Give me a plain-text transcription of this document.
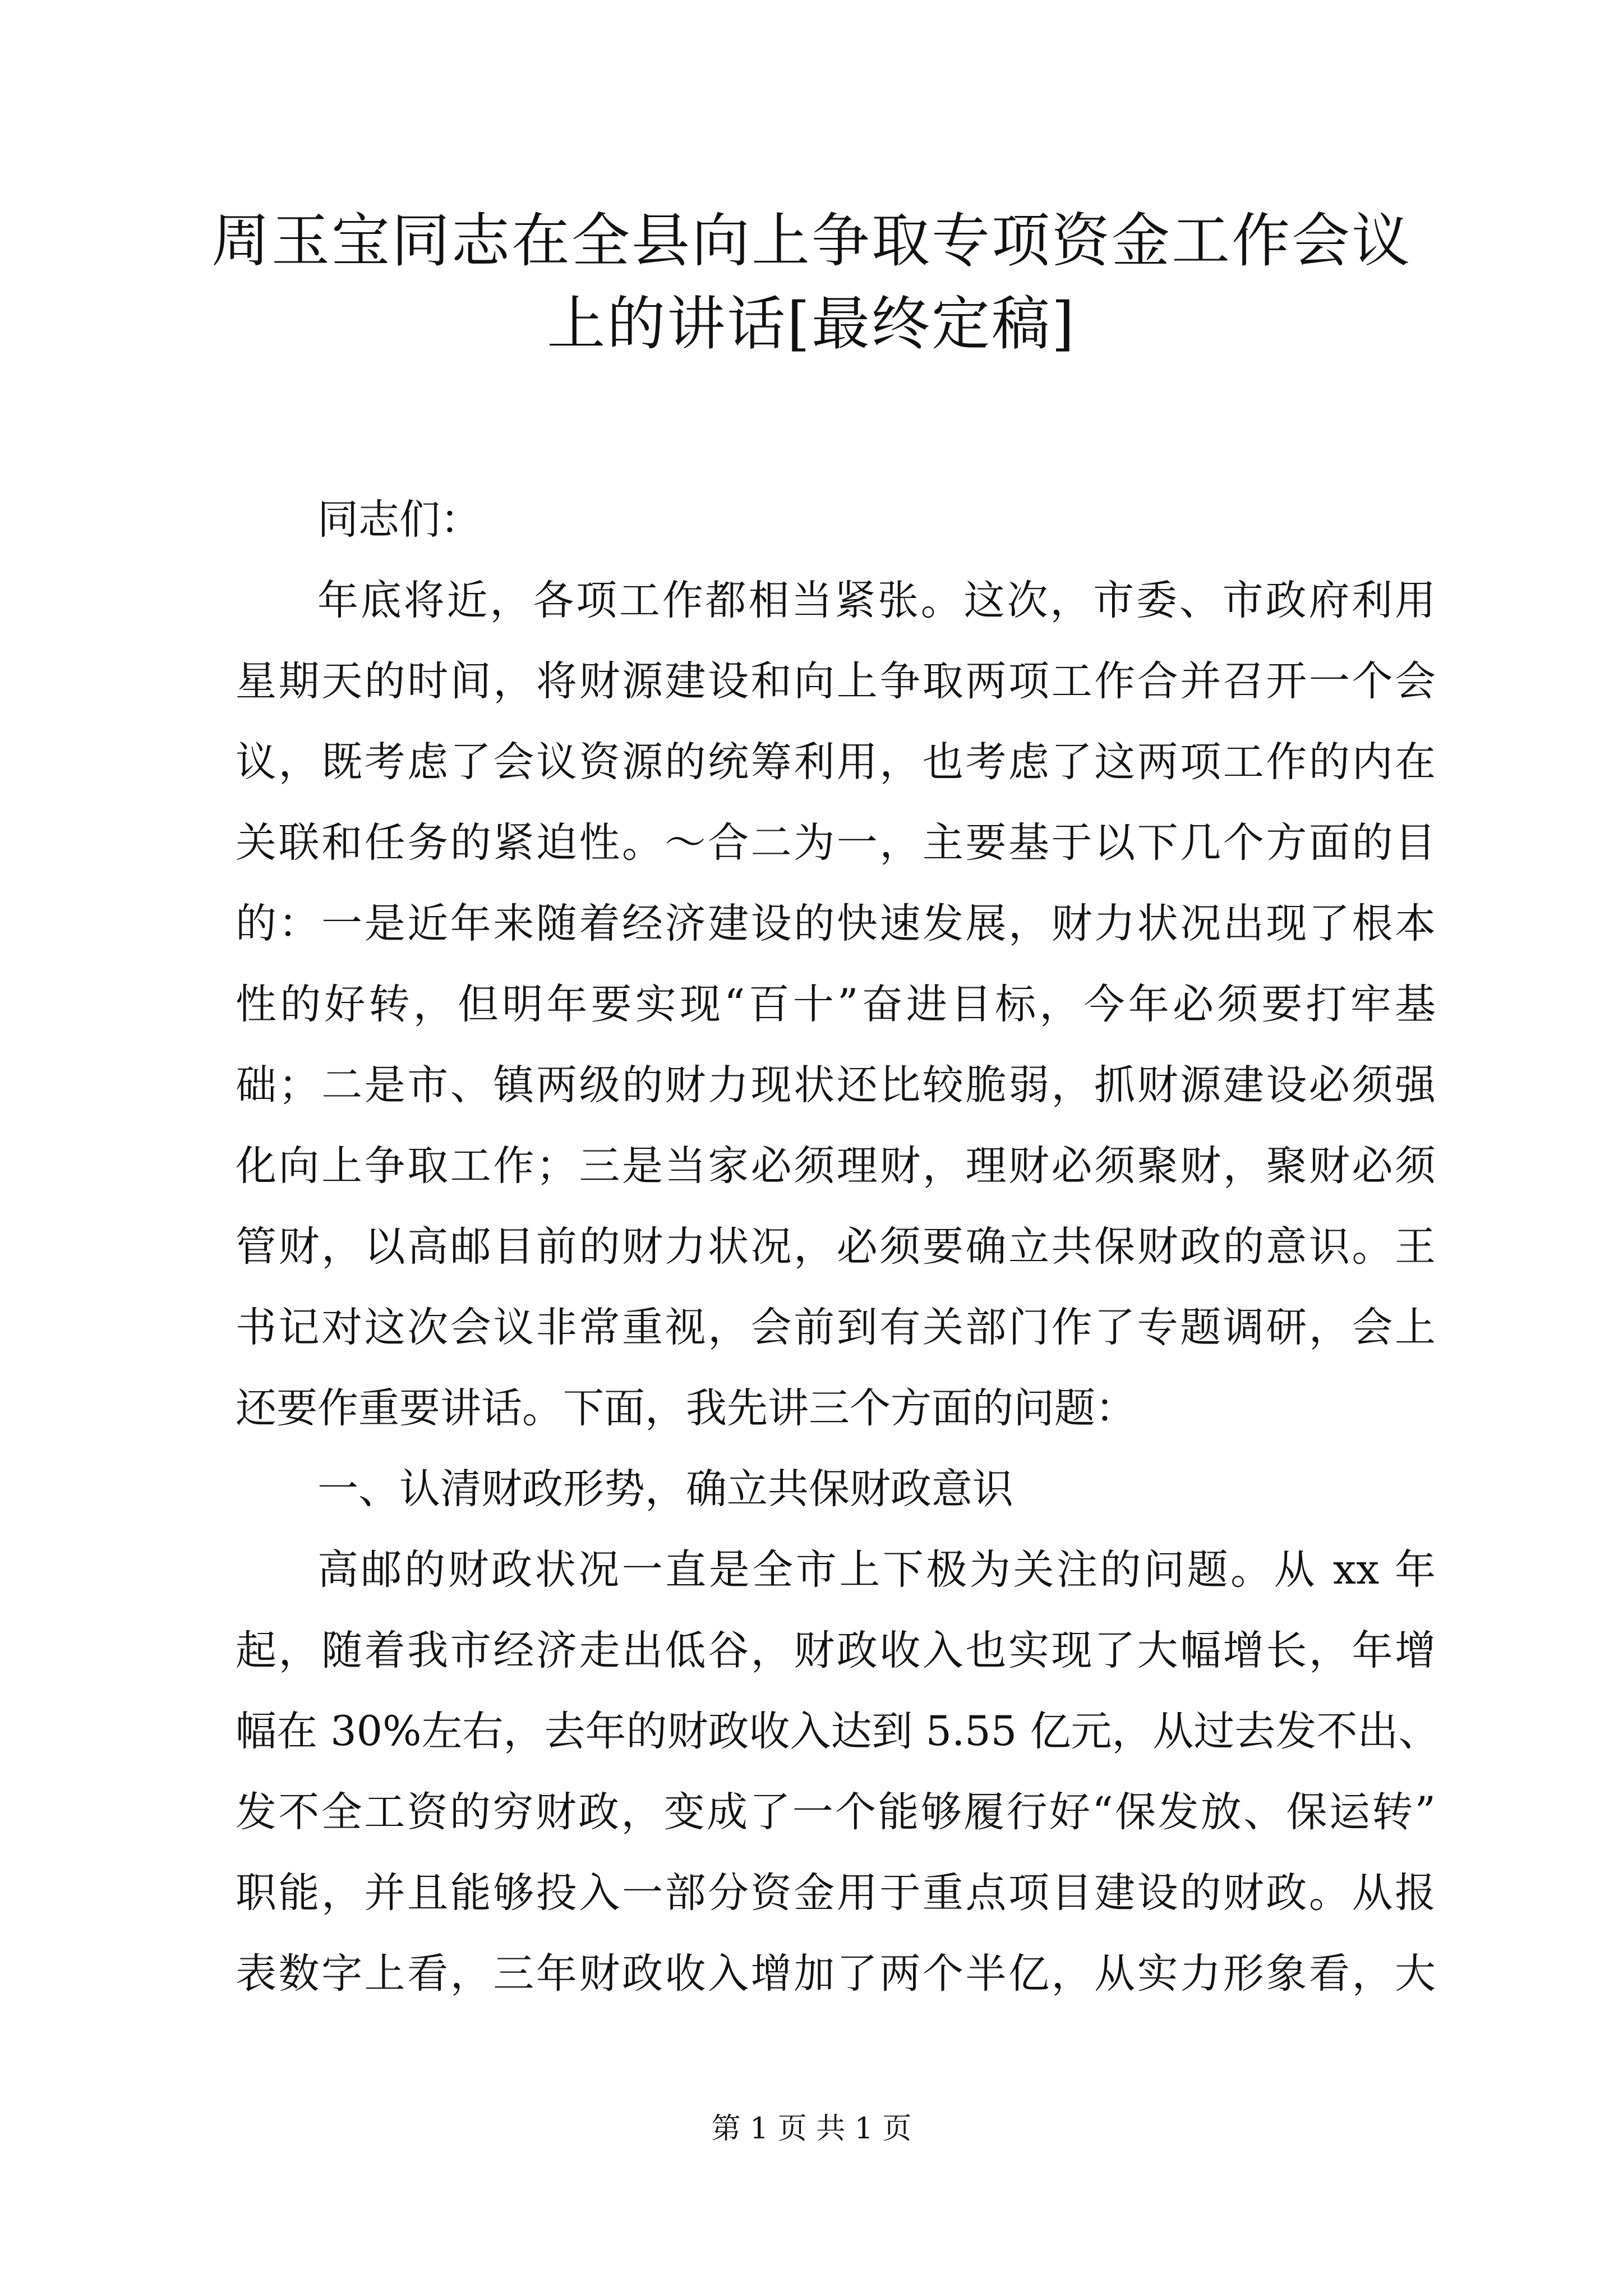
周玉宝同志在全县向上争取专项资金工作会议
上的讲话[最终定稿]

同志们：

年底将近，各项工作都相当紧张。这次，市委、市政府利用
星期天的时间，将财源建设和向上争取两项工作合并召开一个会
议，既考虑了会议资源的统筹利用，也考虑了这两项工作的内在
关联和任务的紧迫性。～合二为一，主要基于以下几个方面的目
的：一是近年来随着经济建设的快速发展，财力状况出现了根本
性的好转，但明年要实现“百十”奋进目标，今年必须要打牢基
础；二是市、镇两级的财力现状还比较脆弱，抓财源建设必须强
化向上争取工作；三是当家必须理财，理财必须聚财，聚财必须
管财，以高邮目前的财力状况，必须要确立共保财政的意识。王
书记对这次会议非常重视，会前到有关部门作了专题调研，会上
还要作重要讲话。下面，我先讲三个方面的问题：

一、认清财政形势，确立共保财政意识

高邮的财政状况一直是全市上下极为关注的问题。从 xx 年
起，随着我市经济走出低谷，财政收入也实现了大幅增长，年增
幅在 30%左右，去年的财政收入达到 5.55 亿元，从过去发不出、
发不全工资的穷财政，变成了一个能够履行好“保发放、保运转”
职能，并且能够投入一部分资金用于重点项目建设的财政。从报
表数字上看，三年财政收入增加了两个半亿，从实力形象看，大

第 1 页 共 1 页
